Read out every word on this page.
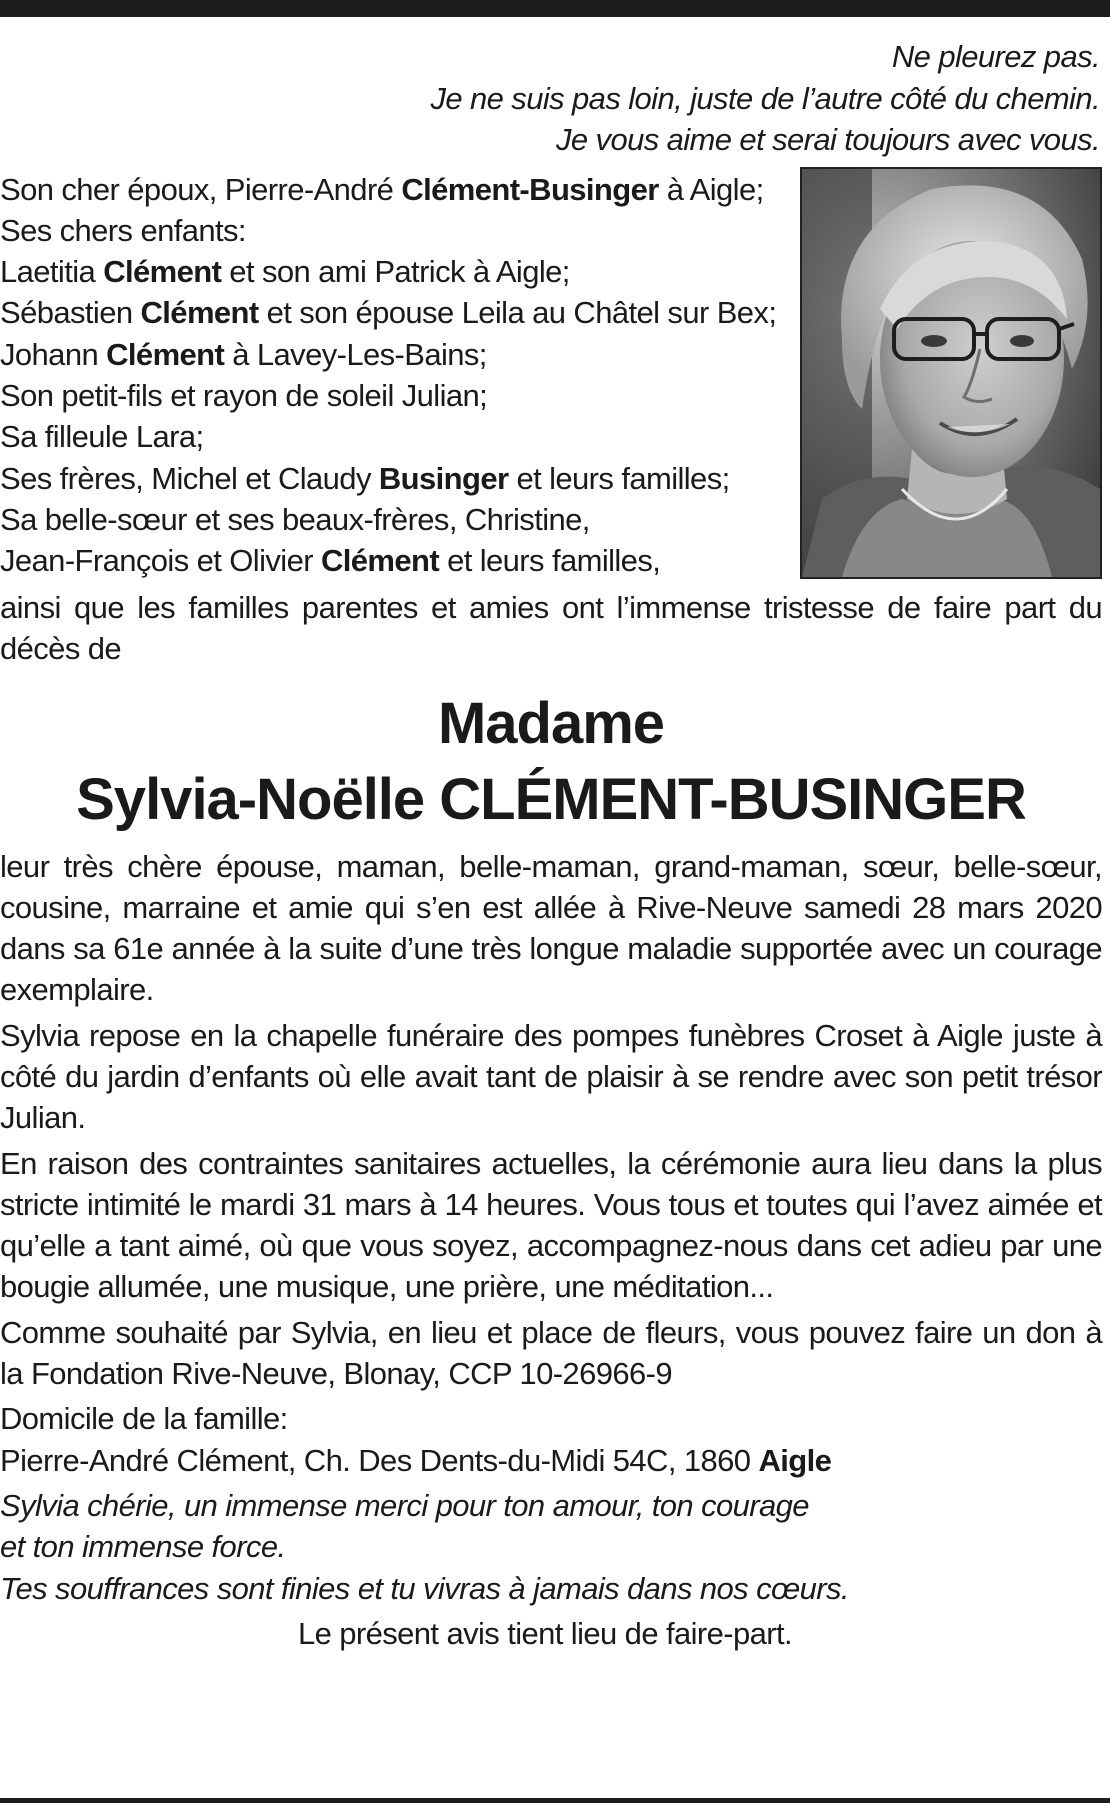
Ne pleurez pas.
Je ne suis pas loin, juste de l’autre côté du chemin.
Je vous aime et serai toujours avec vous.
Son cher époux, Pierre-André Clément-Businger à Aigle;
Ses chers enfants:
Laetitia Clément et son ami Patrick à Aigle;
Sébastien Clément et son épouse Leila au Châtel sur Bex;
Johann Clément à Lavey-Les-Bains;
Son petit-fils et rayon de soleil Julian;
Sa filleule Lara;
Ses frères, Michel et Claudy Businger et leurs familles;
Sa belle-sœur et ses beaux-frères, Christine,
Jean-François et Olivier Clément et leurs familles,
ainsi que les familles parentes et amies ont l’immense tristesse de faire part du décès de
Madame
Sylvia-Noëlle CLÉMENT-BUSINGER
leur très chère épouse, maman, belle-maman, grand-maman, sœur, belle-sœur, cousine, marraine et amie qui s’en est allée à Rive-Neuve samedi 28 mars 2020 dans sa 61e année à la suite d’une très longue maladie supportée avec un courage exemplaire.
Sylvia repose en la chapelle funéraire des pompes funèbres Croset à Aigle juste à côté du jardin d’enfants où elle avait tant de plaisir à se rendre avec son petit trésor Julian.
En raison des contraintes sanitaires actuelles, la cérémonie aura lieu dans la plus stricte intimité le mardi 31 mars à 14 heures. Vous tous et toutes qui l’avez aimée et qu’elle a tant aimé, où que vous soyez, accompagnez-nous dans cet adieu par une bougie allumée, une musique, une prière, une méditation...
Comme souhaité par Sylvia, en lieu et place de fleurs, vous pouvez faire un don à la Fondation Rive-Neuve, Blonay, CCP 10-26966-9
Domicile de la famille:
Pierre-André Clément, Ch. Des Dents-du-Midi 54C, 1860 Aigle
Sylvia chérie, un immense merci pour ton amour, ton courage
et ton immense force.
Tes souffrances sont finies et tu vivras à jamais dans nos cœurs.
Le présent avis tient lieu de faire-part.
